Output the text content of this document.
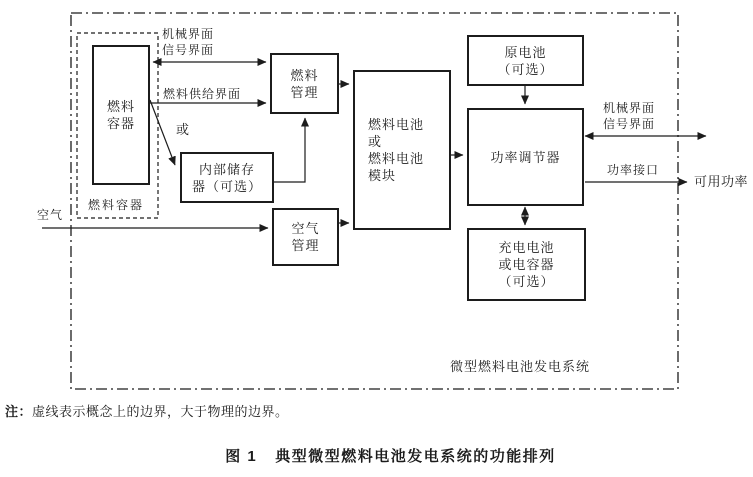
燃料
容器
燃料
管理
内部储存
器（可选）
空气
管理
燃料电池
或
燃料电池
模块
原电池
（可选）
功率调节器
充电电池
或电容器
（可选）
机械界面
信号界面
燃料供给界面
或
空气
燃料容器
机械界面
信号界面
功率接口
可用功率
微型燃料电池发电系统
注：虚线表示概念上的边界，大于物理的边界。
图 1 典型微型燃料电池发电系统的功能排列
